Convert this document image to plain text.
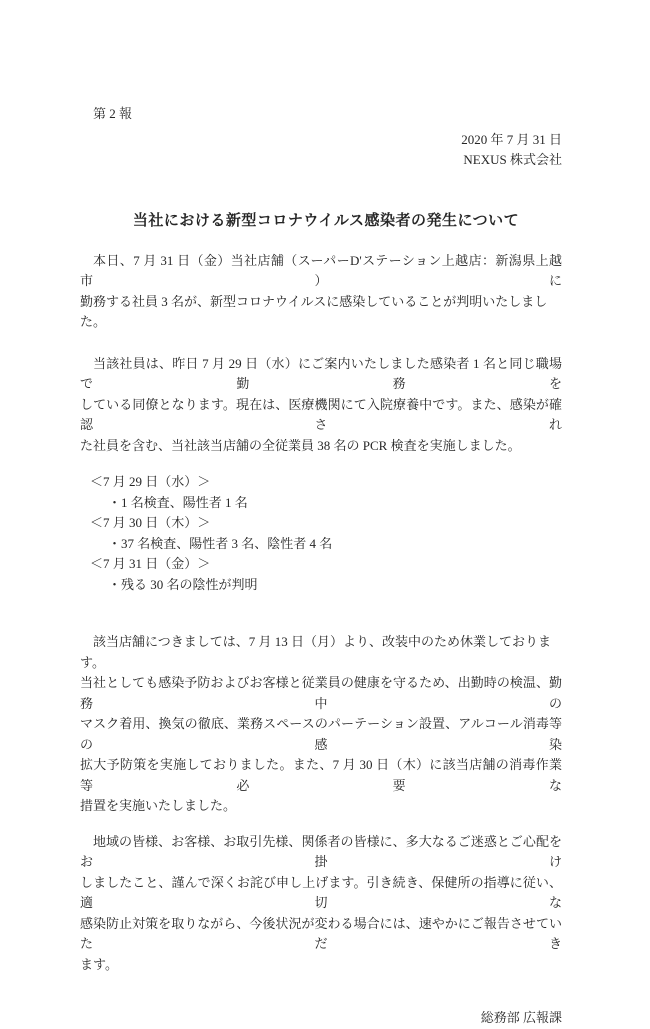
第 2 報
2020 年 7 月 31 日
NEXUS 株式会社
当社における新型コロナウイルス感染者の発生について
本日、7 月 31 日（金）当社店舗（スーパーD'ステーション上越店：新潟県上越市）に
勤務する社員 3 名が、新型コロナウイルスに感染していることが判明いたしました。
当該社員は、昨日 7 月 29 日（水）にご案内いたしました感染者 1 名と同じ職場で勤務を
している同僚となります。現在は、医療機関にて入院療養中です。また、感染が確認され
た社員を含む、当社該当店舗の全従業員 38 名の PCR 検査を実施しました。
＜7 月 29 日（水）＞
・1 名検査、陽性者 1 名
＜7 月 30 日（木）＞
・37 名検査、陽性者 3 名、陰性者 4 名
＜7 月 31 日（金）＞
・残る 30 名の陰性が判明
該当店舗につきましては、7 月 13 日（月）より、改装中のため休業しております。
当社としても感染予防およびお客様と従業員の健康を守るため、出勤時の検温、勤務中の
マスク着用、換気の徹底、業務スペースのパーテーション設置、アルコール消毒等の感染
拡大予防策を実施しておりました。また、7 月 30 日（木）に該当店舗の消毒作業等必要な
措置を実施いたしました。
地域の皆様、お客様、お取引先様、関係者の皆様に、多大なるご迷惑とご心配をお掛け
しましたこと、謹んで深くお詫び申し上げます。引き続き、保健所の指導に従い、適切な
感染防止対策を取りながら、今後状況が変わる場合には、速やかにご報告させていただき
ます。
総務部 広報課
